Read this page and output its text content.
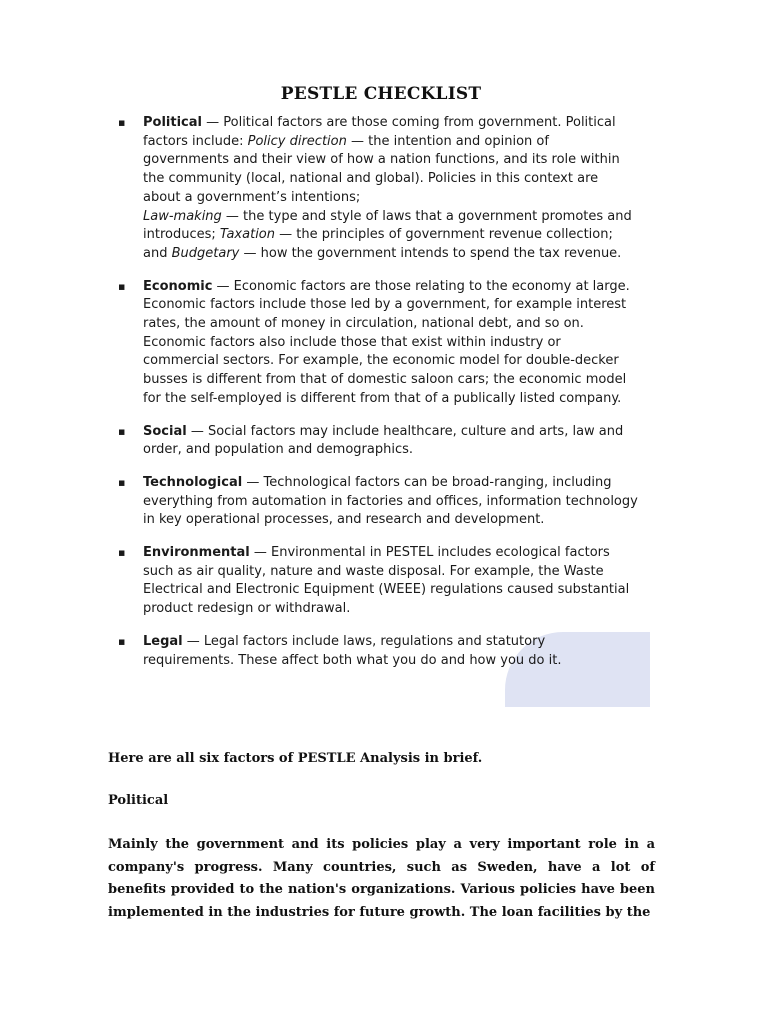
PESTLE CHECKLIST
▪ Political — Political factors are those coming from government. Political factors include: Policy direction — the intention and opinion of governments and their view of how a nation functions, and its role within the community (local, national and global). Policies in this context are about a government’s intentions;
Law-making — the type and style of laws that a government promotes and introduces; Taxation — the principles of government revenue collection; and Budgetary — how the government intends to spend the tax revenue.
▪ Economic — Economic factors are those relating to the economy at large. Economic factors include those led by a government, for example interest rates, the amount of money in circulation, national debt, and so on. Economic factors also include those that exist within industry or commercial sectors. For example, the economic model for double-decker busses is different from that of domestic saloon cars; the economic model for the self-employed is different from that of a publically listed company.
▪ Social — Social factors may include healthcare, culture and arts, law and order, and population and demographics.
▪ Technological — Technological factors can be broad-ranging, including everything from automation in factories and offices, information technology in key operational processes, and research and development.
▪ Environmental — Environmental in PESTEL includes ecological factors such as air quality, nature and waste disposal. For example, the Waste Electrical and Electronic Equipment (WEEE) regulations caused substantial product redesign or withdrawal.
▪ Legal — Legal factors include laws, regulations and statutory requirements. These affect both what you do and how you do it.
Here are all six factors of PESTLE Analysis in brief.
Political
Mainly the government and its policies play a very important role in a company's progress. Many countries, such as Sweden, have a lot of benefits provided to the nation's organizations. Various policies have been implemented in the industries for future growth. The loan facilities by the
